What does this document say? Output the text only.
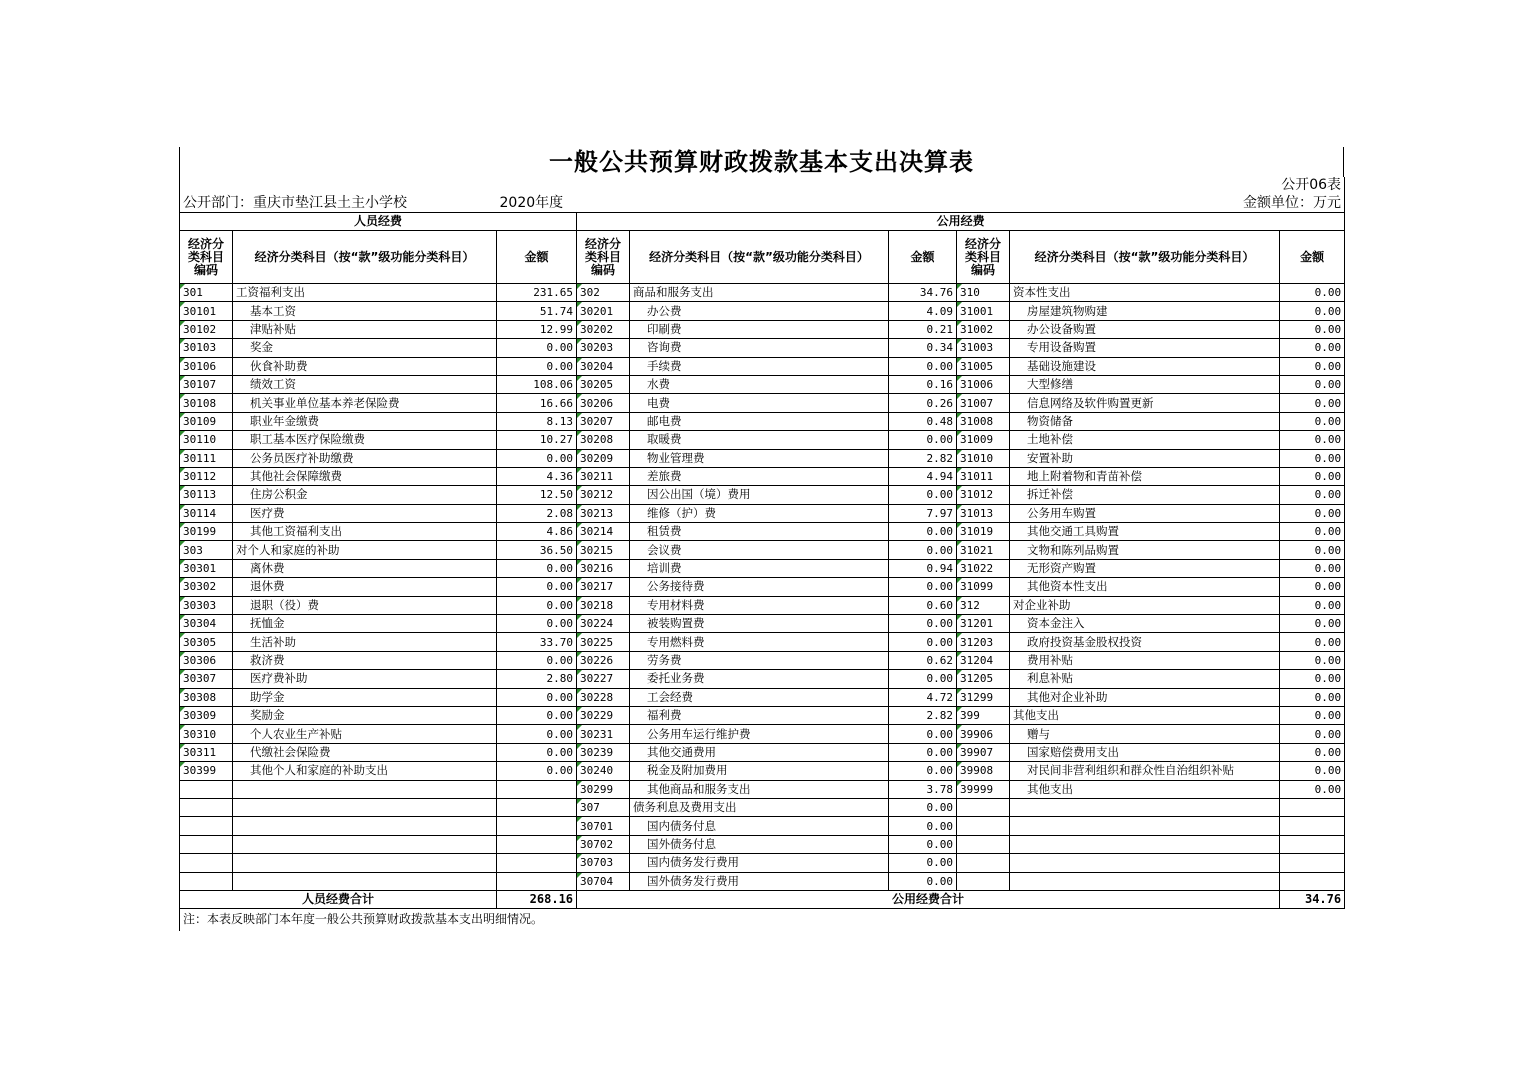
一般公共预算财政拨款基本支出决算表
公开06表
公开部门：重庆市垫江县土主小学校	2020年度		金额单位：万元
人员经费			公用经费					
经济分类科目编码	经济分类科目（按“款”级功能分类科目）	金额	经济分类科目编码	经济分类科目（按“款”级功能分类科目）	金额	经济分类科目编码	经济分类科目（按“款”级功能分类科目）	金额
301	工资福利支出	231.65	302	商品和服务支出	34.76	310	资本性支出	0.00
30101	基本工资	51.74	30201	办公费	4.09	31001	房屋建筑物购建	0.00
30102	津贴补贴	12.99	30202	印刷费	0.21	31002	办公设备购置	0.00
30103	奖金	0.00	30203	咨询费	0.34	31003	专用设备购置	0.00
30106	伙食补助费	0.00	30204	手续费	0.00	31005	基础设施建设	0.00
30107	绩效工资	108.06	30205	水费	0.16	31006	大型修缮	0.00
30108	机关事业单位基本养老保险费	16.66	30206	电费	0.26	31007	信息网络及软件购置更新	0.00
30109	职业年金缴费	8.13	30207	邮电费	0.48	31008	物资储备	0.00
30110	职工基本医疗保险缴费	10.27	30208	取暖费	0.00	31009	土地补偿	0.00
30111	公务员医疗补助缴费	0.00	30209	物业管理费	2.82	31010	安置补助	0.00
30112	其他社会保障缴费	4.36	30211	差旅费	4.94	31011	地上附着物和青苗补偿	0.00
30113	住房公积金	12.50	30212	因公出国（境）费用	0.00	31012	拆迁补偿	0.00
30114	医疗费	2.08	30213	维修（护）费	7.97	31013	公务用车购置	0.00
30199	其他工资福利支出	4.86	30214	租赁费	0.00	31019	其他交通工具购置	0.00
303	对个人和家庭的补助	36.50	30215	会议费	0.00	31021	文物和陈列品购置	0.00
30301	离休费	0.00	30216	培训费	0.94	31022	无形资产购置	0.00
30302	退休费	0.00	30217	公务接待费	0.00	31099	其他资本性支出	0.00
30303	退职（役）费	0.00	30218	专用材料费	0.60	312	对企业补助	0.00
30304	抚恤金	0.00	30224	被装购置费	0.00	31201	资本金注入	0.00
30305	生活补助	33.70	30225	专用燃料费	0.00	31203	政府投资基金股权投资	0.00
30306	救济费	0.00	30226	劳务费	0.62	31204	费用补贴	0.00
30307	医疗费补助	2.80	30227	委托业务费	0.00	31205	利息补贴	0.00
30308	助学金	0.00	30228	工会经费	4.72	31299	其他对企业补助	0.00
30309	奖励金	0.00	30229	福利费	2.82	399	其他支出	0.00
30310	个人农业生产补贴	0.00	30231	公务用车运行维护费	0.00	39906	赠与	0.00
30311	代缴社会保险费	0.00	30239	其他交通费用	0.00	39907	国家赔偿费用支出	0.00
30399	其他个人和家庭的补助支出	0.00	30240	税金及附加费用	0.00	39908	对民间非营利组织和群众性自治组织补贴	0.00
			30299	其他商品和服务支出	3.78	39999	其他支出	0.00
			307	债务利息及费用支出	0.00			
			30701	国内债务付息	0.00			
			30702	国外债务付息	0.00			
			30703	国内债务发行费用	0.00			
			30704	国外债务发行费用	0.00			
人员经费合计		268.16	公用经费合计					34.76
注：本表反映部门本年度一般公共预算财政拨款基本支出明细情况。
